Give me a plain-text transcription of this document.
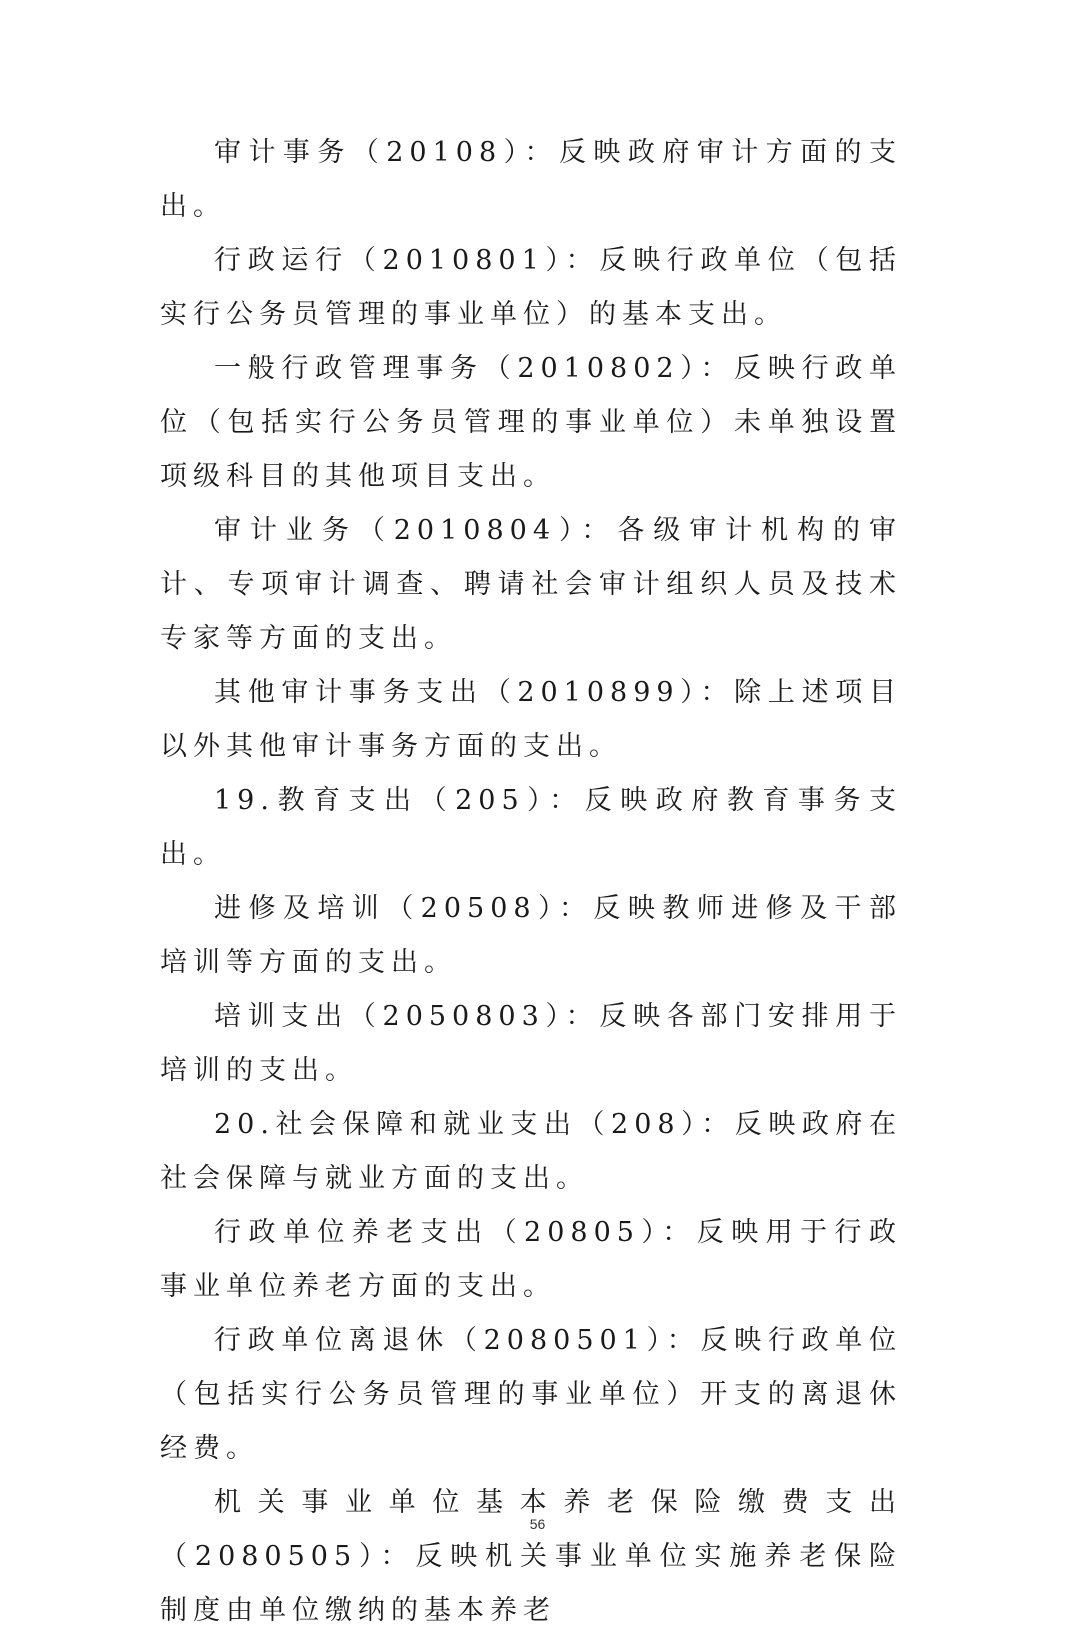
审计事务（20108）：反映政府审计方面的支出。

行政运行（2010801）：反映行政单位（包括实行公务员管理的事业单位）的基本支出。

一般行政管理事务（2010802）：反映行政单位（包括实行公务员管理的事业单位）未单独设置项级科目的其他项目支出。

审计业务（2010804）：各级审计机构的审计、专项审计调查、聘请社会审计组织人员及技术专家等方面的支出。

其他审计事务支出（2010899）：除上述项目以外其他审计事务方面的支出。

19.教育支出（205）：反映政府教育事务支出。

进修及培训（20508）：反映教师进修及干部培训等方面的支出。

培训支出（2050803）：反映各部门安排用于培训的支出。

20.社会保障和就业支出（208）：反映政府在社会保障与就业方面的支出。

行政单位养老支出（20805）：反映用于行政事业单位养老方面的支出。

行政单位离退休（2080501）：反映行政单位（包括实行公务员管理的事业单位）开支的离退休经费。

机关事业单位基本养老保险缴费支出（2080505）：反映机关事业单位实施养老保险制度由单位缴纳的基本养老

56
